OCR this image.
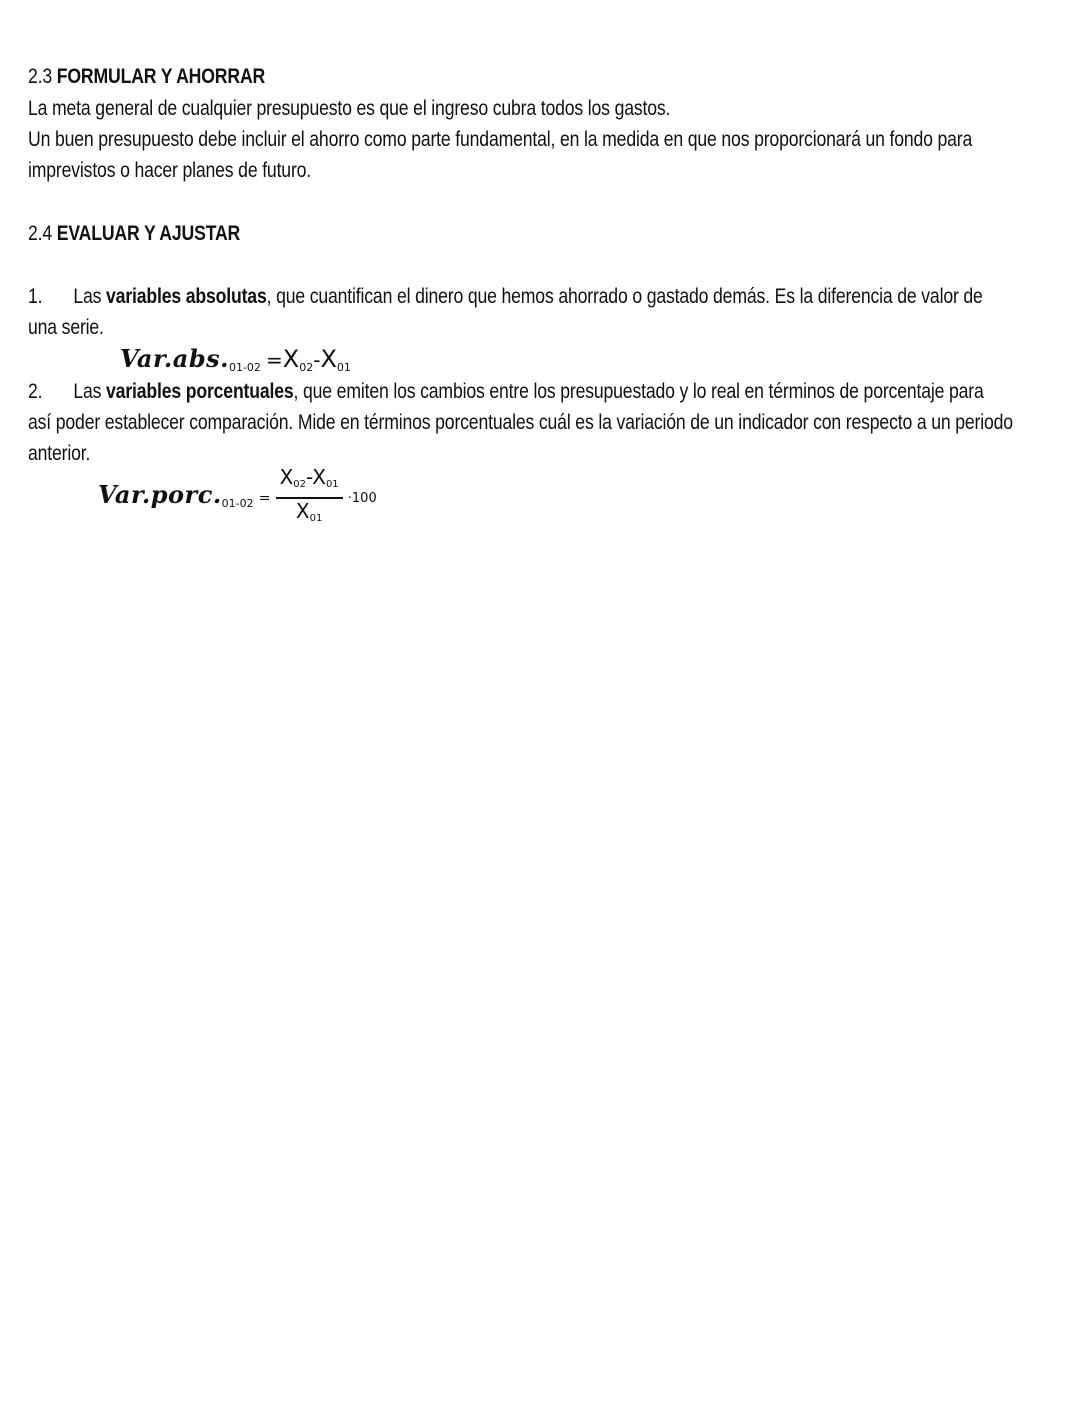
2.3 FORMULAR Y AHORRAR
La meta general de cualquier presupuesto es que el ingreso cubra todos los gastos.
Un buen presupuesto debe incluir el ahorro como parte fundamental, en la medida en que nos proporcionará un fondo para
imprevistos o hacer planes de futuro.
2.4 EVALUAR Y AJUSTAR
1. Las variables absolutas, que cuantifican el dinero que hemos ahorrado o gastado demás. Es la diferencia de valor de
una serie.
$Var.abs._{01-02} =X_{02}-X_{01}$
2. Las variables porcentuales, que emiten los cambios entre los presupuestado y lo real en términos de porcentaje para
así poder establecer comparación. Mide en términos porcentuales cuál es la variación de un indicador con respecto a un periodo
anterior.
$Var.porc._{01-02} = \frac{X_{02}-X_{01}}{X_{01}} \cdot 100$
